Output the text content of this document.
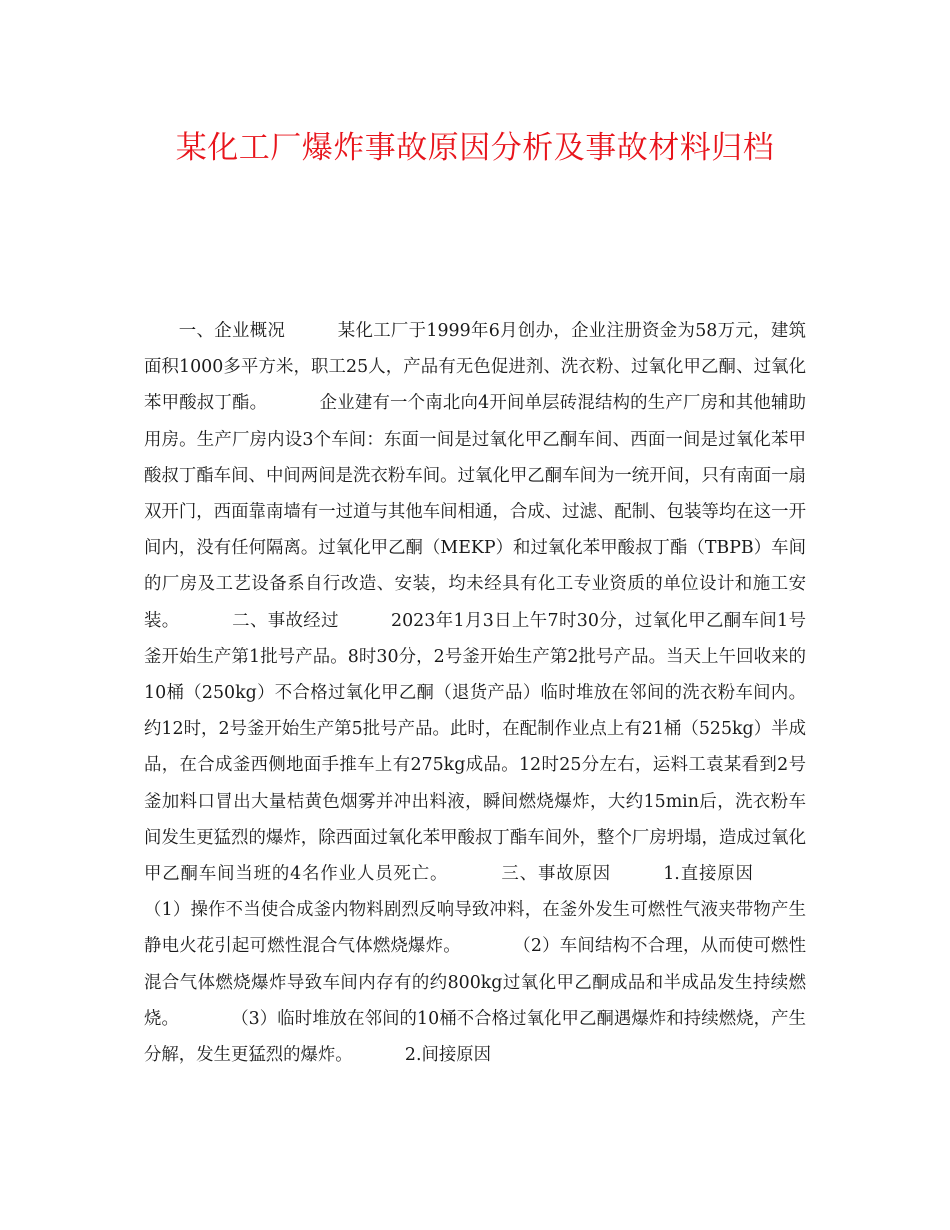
某化工厂爆炸事故原因分析及事故材料归档

一、企业概况	某化工厂于1999年6月创办，企业注册资金为58万元，建筑面积1000多平方米，职工25人，产品有无色促进剂、洗衣粉、过氧化甲乙酮、过氧化苯甲酸叔丁酯。	企业建有一个南北向4开间单层砖混结构的生产厂房和其他辅助用房。生产厂房内设3个车间：东面一间是过氧化甲乙酮车间、西面一间是过氧化苯甲酸叔丁酯车间、中间两间是洗衣粉车间。过氧化甲乙酮车间为一统开间，只有南面一扇双开门，西面靠南墙有一过道与其他车间相通，合成、过滤、配制、包装等均在这一开间内，没有任何隔离。过氧化甲乙酮（MEKP）和过氧化苯甲酸叔丁酯（TBPB）车间的厂房及工艺设备系自行改造、安装，均未经具有化工专业资质的单位设计和施工安装。	二、事故经过	2023年1月3日上午7时30分，过氧化甲乙酮车间1号釜开始生产第1批号产品。8时30分，2号釜开始生产第2批号产品。当天上午回收来的10桶（250kg）不合格过氧化甲乙酮（退货产品）临时堆放在邻间的洗衣粉车间内。约12时，2号釜开始生产第5批号产品。此时，在配制作业点上有21桶（525kg）半成品，在合成釜西侧地面手推车上有275kg成品。12时25分左右，运料工袁某看到2号釜加料口冒出大量桔黄色烟雾并冲出料液，瞬间燃烧爆炸，大约15min后，洗衣粉车间发生更猛烈的爆炸，除西面过氧化苯甲酸叔丁酯车间外，整个厂房坍塌，造成过氧化甲乙酮车间当班的4名作业人员死亡。	三、事故原因	1.直接原因（1）操作不当使合成釜内物料剧烈反响导致冲料，在釜外发生可燃性气液夹带物产生静电火花引起可燃性混合气体燃烧爆炸。	（2）车间结构不合理，从而使可燃性混合气体燃烧爆炸导致车间内存有的约800kg过氧化甲乙酮成品和半成品发生持续燃烧。	（3）临时堆放在邻间的10桶不合格过氧化甲乙酮遇爆炸和持续燃烧，产生分解，发生更猛烈的爆炸。	2.间接原因
